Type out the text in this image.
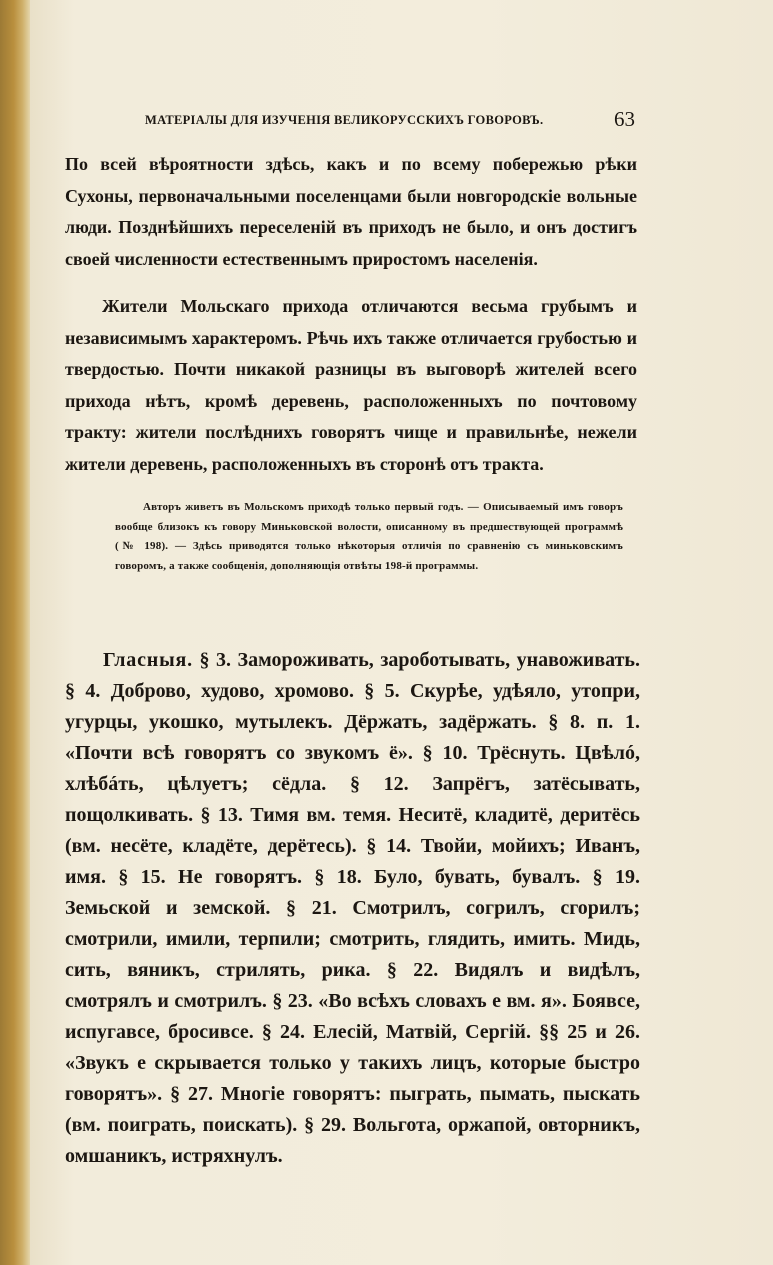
МАТЕРІАЛЫ ДЛЯ ИЗУЧЕНІЯ ВЕЛИКОРУССКИХЪ ГОВОРОВЪ.	63

По всей вѣроятности здѣсь, какъ и по всему побережью рѣки Сухоны, первоначальными поселенцами были новгородскіе вольные люди. Позднѣйшихъ переселеній въ приходъ не было, и онъ достигъ своей численности естественнымъ приростомъ населенія.

Жители Мольскаго прихода отличаются весьма грубымъ и независимымъ характеромъ. Рѣчь ихъ также отличается грубостью и твердостью. Почти никакой разницы въ выговорѣ жителей всего прихода нѣтъ, кромѣ деревень, расположенныхъ по почтовому тракту: жители послѣднихъ говорятъ чище и правильнѣе, нежели жители деревень, расположенныхъ въ сторонѣ отъ тракта.

Авторъ живетъ въ Мольскомъ приходѣ только первый годъ. — Описываемый имъ говоръ вообще близокъ къ говору Миньковской волости, описанному въ предшествующей программѣ (№ 198). — Здѣсь приводятся только нѣкоторыя отличія по сравненію съ миньковскимъ говоромъ, а также сообщенія, дополняющія отвѣты 198-й программы.

Гласныя. § 3. Замороживать, зароботывать, унавоживать. § 4. Доброво, худово, хромово. § 5. Скурѣе, удѣяло, утопри, угурцы, укошко, мутылекъ. Дёржать, задёржать. § 8. п. 1. «Почти всѣ говорятъ со звукомъ ё». § 10. Трёснуть. Цвѣлó, хлѣбáть, цѣлуетъ; сёдла. § 12. Запрёгъ, затёсывать, пощолкивать. § 13. Тимя вм. темя. Неситё, кладитё, деритёсь (вм. несёте, кладёте, дерётесь). § 14. Твойи, мойихъ; Иванъ, имя. § 15. Не говорятъ. § 18. Було, бувать, бувалъ. § 19. Земьской и земской. § 21. Смотрилъ, согрилъ, сгорилъ; смотрили, имили, терпили; смотрить, глядить, имить. Мидь, сить, вяникъ, стрилять, рика. § 22. Видялъ и видѣлъ, смотрялъ и смотрилъ. § 23. «Во всѣхъ словахъ е вм. я». Боявсе, испугавсе, бросивсе. § 24. Елесій, Матвій, Сергій. §§ 25 и 26. «Звукъ е скрывается только у такихъ лицъ, которые быстро говорятъ». § 27. Многіе говорятъ: пыграть, пымать, пыскать (вм. поиграть, поискать). § 29. Вольгота, оржапой, овторникъ, омшаникъ, истряхнулъ.
